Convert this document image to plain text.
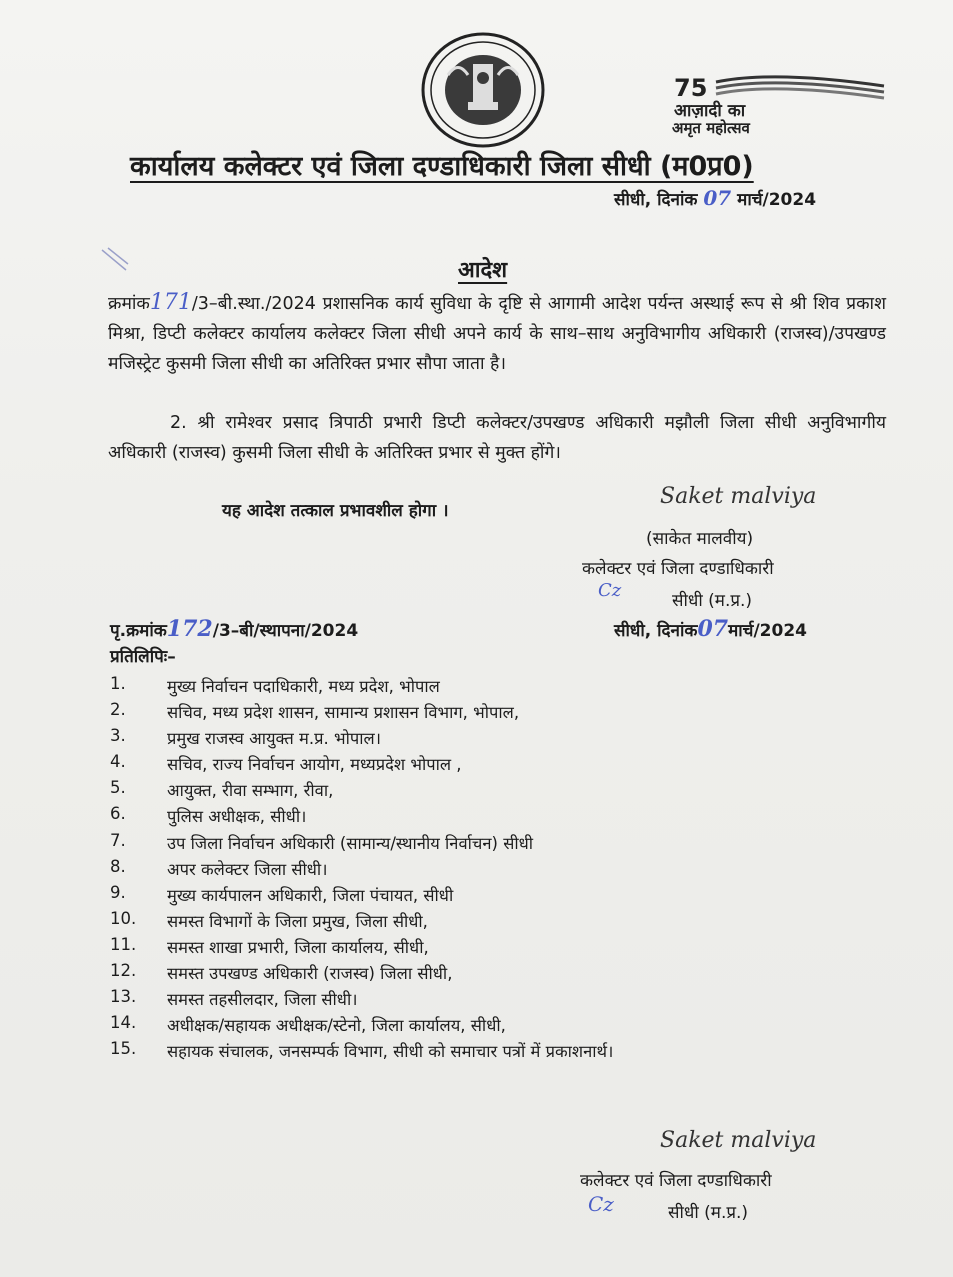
75
आज़ादी का
अमृत महोत्सव
कार्यालय कलेक्टर एवं जिला दण्डाधिकारी जिला सीधी (म0प्र0)
सीधी, दिनांक 07 मार्च/2024
आदेश
क्रमांक171/3–बी.स्था./2024 प्रशासनिक कार्य सुविधा के दृष्टि से आगामी आदेश पर्यन्त अस्थाई रूप से श्री शिव प्रकाश मिश्रा, डिप्टी कलेक्टर कार्यालय कलेक्टर जिला सीधी अपने कार्य के साथ–साथ अनुविभागीय अधिकारी (राजस्व)/उपखण्ड मजिस्ट्रेट कुसमी जिला सीधी का अतिरिक्त प्रभार सौपा जाता है।
2. श्री रामेश्वर प्रसाद त्रिपाठी प्रभारी डिप्टी कलेक्टर/उपखण्ड अधिकारी मझौली जिला सीधी अनुविभागीय अधिकारी (राजस्व) कुसमी जिला सीधी के अतिरिक्त प्रभार से मुक्त होंगे।
यह आदेश तत्काल प्रभावशील होगा ।
Saket malviya
(साकेत मालवीय)
कलेक्टर एवं जिला दण्डाधिकारी
Cz	सीधी (म.प्र.)
पृ.क्रमांक172/3–बी/स्थापना/2024	सीधी, दिनांक07मार्च/2024
प्रतिलिपिः–
1.	मुख्य निर्वाचन पदाधिकारी, मध्य प्रदेश, भोपाल
2.	सचिव, मध्य प्रदेश शासन, सामान्य प्रशासन विभाग, भोपाल,
3.	प्रमुख राजस्व आयुक्त म.प्र. भोपाल।
4.	सचिव, राज्य निर्वाचन आयोग, मध्यप्रदेश भोपाल ,
5.	आयुक्त, रीवा सम्भाग, रीवा,
6.	पुलिस अधीक्षक, सीधी।
7.	उप जिला निर्वाचन अधिकारी (सामान्य/स्थानीय निर्वाचन) सीधी
8.	अपर कलेक्टर जिला सीधी।
9.	मुख्य कार्यपालन अधिकारी, जिला पंचायत, सीधी
10. समस्त विभागों के जिला प्रमुख, जिला सीधी,
11. समस्त शाखा प्रभारी, जिला कार्यालय, सीधी,
12. समस्त उपखण्ड अधिकारी (राजस्व) जिला सीधी,
13. समस्त तहसीलदार, जिला सीधी।
14. अधीक्षक/सहायक अधीक्षक/स्टेनो, जिला कार्यालय, सीधी,
15. सहायक संचालक, जनसम्पर्क विभाग, सीधी को समाचार पत्रों में प्रकाशनार्थ।
Saket malviya
कलेक्टर एवं जिला दण्डाधिकारी
Cz	सीधी (म.प्र.)
